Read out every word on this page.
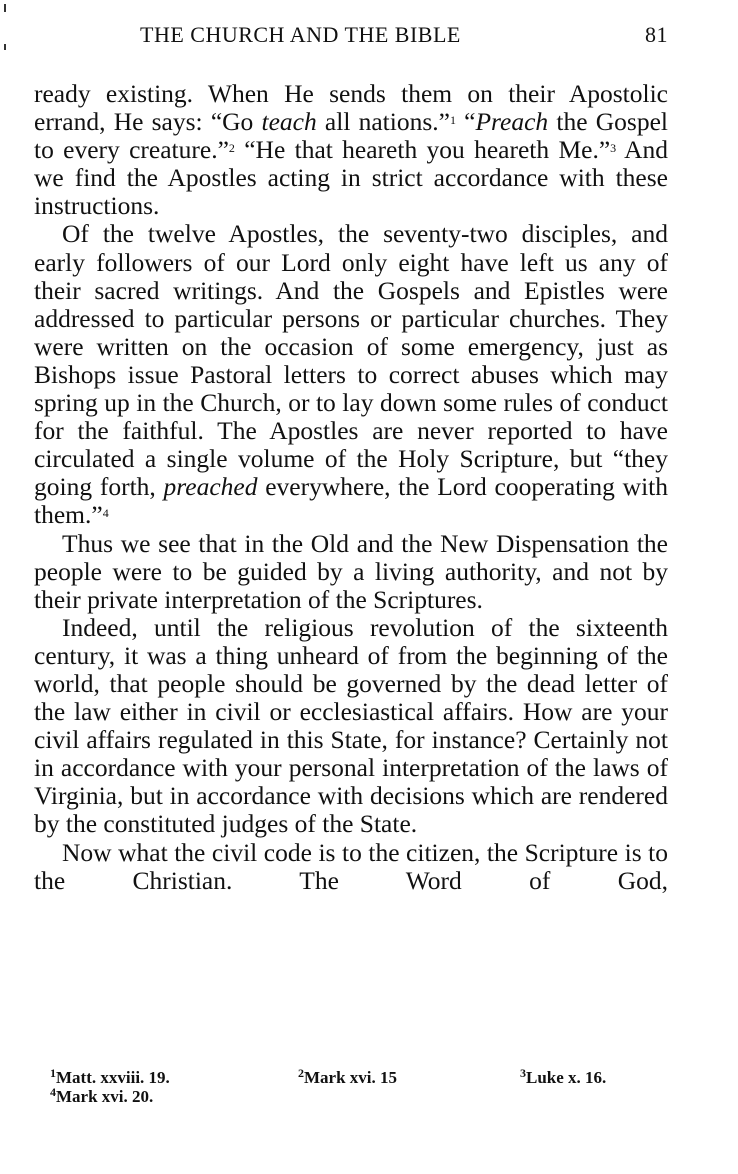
THE CHURCH AND THE BIBLE	81

ready existing. When He sends them on their Apostolic errand, He says: “Go teach all nations.”$^1$ “Preach the Gospel to every creature.”$^2$ “He that heareth you heareth Me.”$^3$ And we find the Apostles acting in strict accordance with these instructions.

Of the twelve Apostles, the seventy-two disciples, and early followers of our Lord only eight have left us any of their sacred writings. And the Gospels and Epistles were addressed to particular persons or particular churches. They were written on the occasion of some emergency, just as Bishops issue Pastoral letters to correct abuses which may spring up in the Church, or to lay down some rules of conduct for the faithful. The Apostles are never reported to have circulated a single volume of the Holy Scripture, but “they going forth, preached everywhere, the Lord cooperating with them.”$^4$

Thus we see that in the Old and the New Dispensation the people were to be guided by a living authority, and not by their private interpretation of the Scriptures.

Indeed, until the religious revolution of the sixteenth century, it was a thing unheard of from the beginning of the world, that people should be governed by the dead letter of the law either in civil or ecclesiastical affairs. How are your civil affairs regulated in this State, for instance? Certainly not in accordance with your personal interpretation of the laws of Virginia, but in accordance with decisions which are rendered by the constituted judges of the State.

Now what the civil code is to the citizen, the Scripture is to the Christian. The Word of God,

$^1$Matt. xxviii. 19.	$^2$Mark xvi. 15	$^3$Luke x. 16.
$^4$Mark xvi. 20.
